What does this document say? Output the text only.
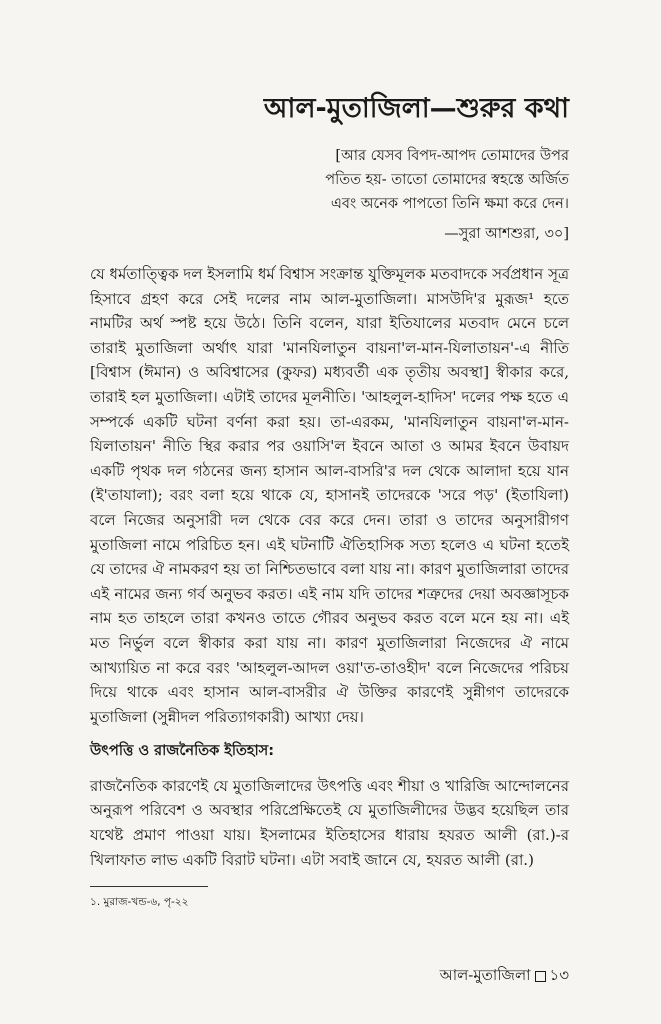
আল-মুতাজিলা—শুরুর কথা
[আর যেসব বিপদ-আপদ তোমাদের উপর
পতিত হয়- তাতো তোমাদের স্বহস্তে অর্জিত
এবং অনেক পাপতো তিনি ক্ষমা করে দেন।
—সুরা আশশুরা, ৩০]

যে ধর্মতাত্ত্বিক দল ইসলামি ধর্ম বিশ্বাস সংক্রান্ত যুক্তিমূলক মতবাদকে সর্বপ্রধান সূত্র হিসাবে গ্রহণ করে সেই দলের নাম আল-মুতাজিলা। মাসউদি'র মুরূজ¹ হতে নামটির অর্থ স্পষ্ট হয়ে উঠে। তিনি বলেন, যারা ইতিযালের মতবাদ মেনে চলে তারাই মুতাজিলা অর্থাৎ যারা 'মানযিলাতুন বায়না'ল-মান-যিলাতায়ন'-এ নীতি [বিশ্বাস (ঈমান) ও অবিশ্বাসের (কুফর) মধ্যবর্তী এক তৃতীয় অবস্থা] স্বীকার করে, তারাই হল মুতাজিলা। এটাই তাদের মূলনীতি। 'আহলুল-হাদিস' দলের পক্ষ হতে এ সম্পর্কে একটি ঘটনা বর্ণনা করা হয়। তা-এরকম, 'মানযিলাতুন বায়না'ল-মান-যিলাতায়ন' নীতি স্থির করার পর ওয়াসি'ল ইবনে আতা ও আমর ইবনে উবায়দ একটি পৃথক দল গঠনের জন্য হাসান আল-বাসরি'র দল থেকে আলাদা হয়ে যান (ই'তাযালা); বরং বলা হয়ে থাকে যে, হাসানই তাদেরকে 'সরে পড়' (ইতাযিলা) বলে নিজের অনুসারী দল থেকে বের করে দেন। তারা ও তাদের অনুসারীগণ মুতাজিলা নামে পরিচিত হন। এই ঘটনাটি ঐতিহাসিক সত্য হলেও এ ঘটনা হতেই যে তাদের ঐ নামকরণ হয় তা নিশ্চিতভাবে বলা যায় না। কারণ মুতাজিলারা তাদের এই নামের জন্য গর্ব অনুভব করত। এই নাম যদি তাদের শত্রুদের দেয়া অবজ্ঞাসূচক নাম হত তাহলে তারা কখনও তাতে গৌরব অনুভব করত বলে মনে হয় না। এই মত নির্ভুল বলে স্বীকার করা যায় না। কারণ মুতাজিলারা নিজেদের ঐ নামে আখ্যায়িত না করে বরং 'আহলুল-আদল ওয়া'ত-তাওহীদ' বলে নিজেদের পরিচয় দিয়ে থাকে এবং হাসান আল-বাসরীর ঐ উক্তির কারণেই সুন্নীগণ তাদেরকে মুতাজিলা (সুন্নীদল পরিত্যাগকারী) আখ্যা দেয়।

উৎপত্তি ও রাজনৈতিক ইতিহাস:

রাজনৈতিক কারণেই যে মুতাজিলাদের উৎপত্তি এবং শীয়া ও খারিজি আন্দোলনের অনুরূপ পরিবেশ ও অবস্থার পরিপ্রেক্ষিতেই যে মুতাজিলীদের উদ্ভব হয়েছিল তার যথেষ্ট প্রমাণ পাওয়া যায়। ইসলামের ইতিহাসের ধারায় হযরত আলী (রা.)-র খিলাফাত লাভ একটি বিরাট ঘটনা। এটা সবাই জানে যে, হযরত আলী (রা.)

১. মুরাজ-খন্ড-৬, পৃ-২২
আল-মুতাজিলা ১৩
